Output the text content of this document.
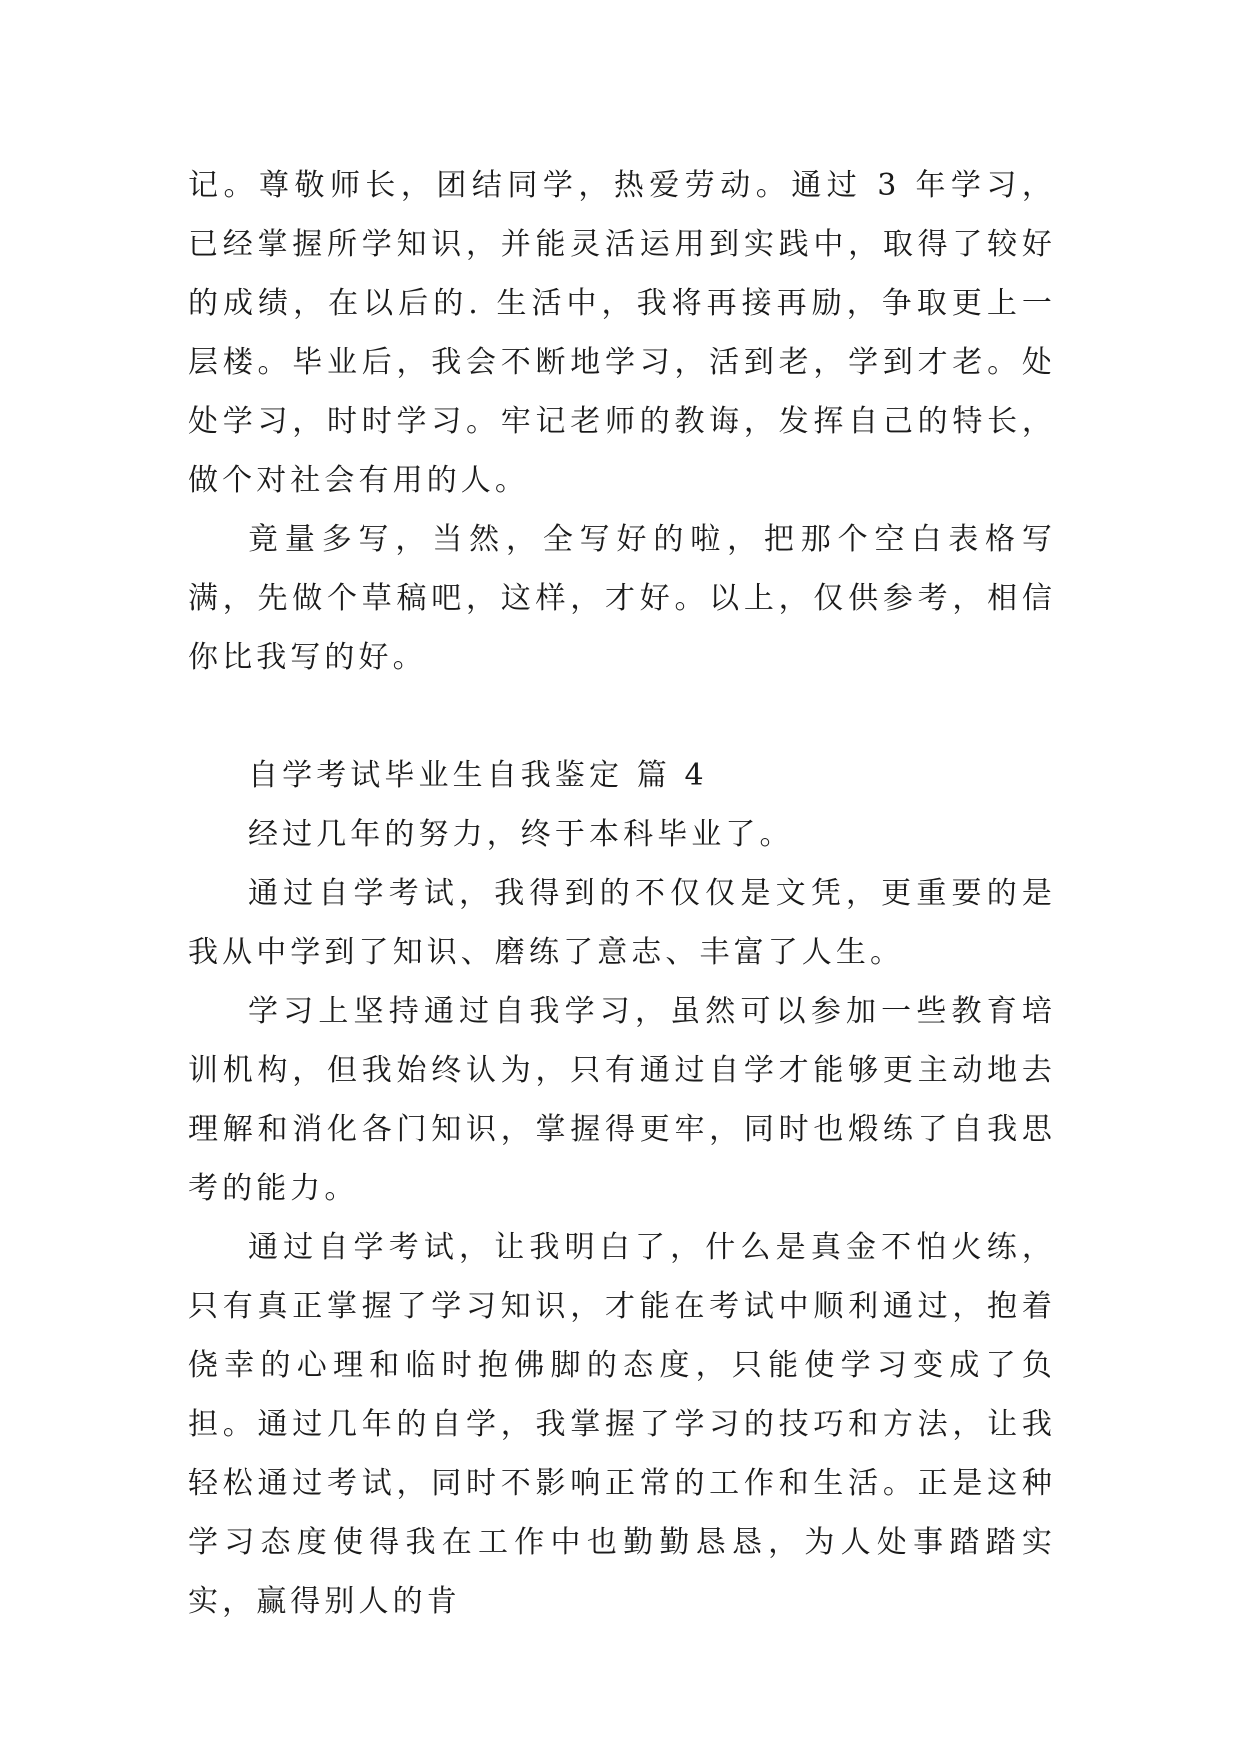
记。尊敬师长，团结同学，热爱劳动。通过 3 年学习，已经掌握所学知识，并能灵活运用到实践中，取得了较好的成绩，在以后的. 生活中，我将再接再励，争取更上一层楼。毕业后，我会不断地学习，活到老，学到才老。处处学习，时时学习。牢记老师的教诲，发挥自己的特长，做个对社会有用的人。

竟量多写，当然，全写好的啦，把那个空白表格写满，先做个草稿吧，这样，才好。以上，仅供参考，相信你比我写的好。

自学考试毕业生自我鉴定 篇 4

经过几年的努力，终于本科毕业了。

通过自学考试，我得到的不仅仅是文凭，更重要的是我从中学到了知识、磨练了意志、丰富了人生。

学习上坚持通过自我学习，虽然可以参加一些教育培训机构，但我始终认为，只有通过自学才能够更主动地去理解和消化各门知识，掌握得更牢，同时也煅练了自我思考的能力。

通过自学考试，让我明白了，什么是真金不怕火练，只有真正掌握了学习知识，才能在考试中顺利通过，抱着侥幸的心理和临时抱佛脚的态度，只能使学习变成了负担。通过几年的自学，我掌握了学习的技巧和方法，让我轻松通过考试，同时不影响正常的工作和生活。正是这种学习态度使得我在工作中也勤勤恳恳，为人处事踏踏实实，赢得别人的肯
